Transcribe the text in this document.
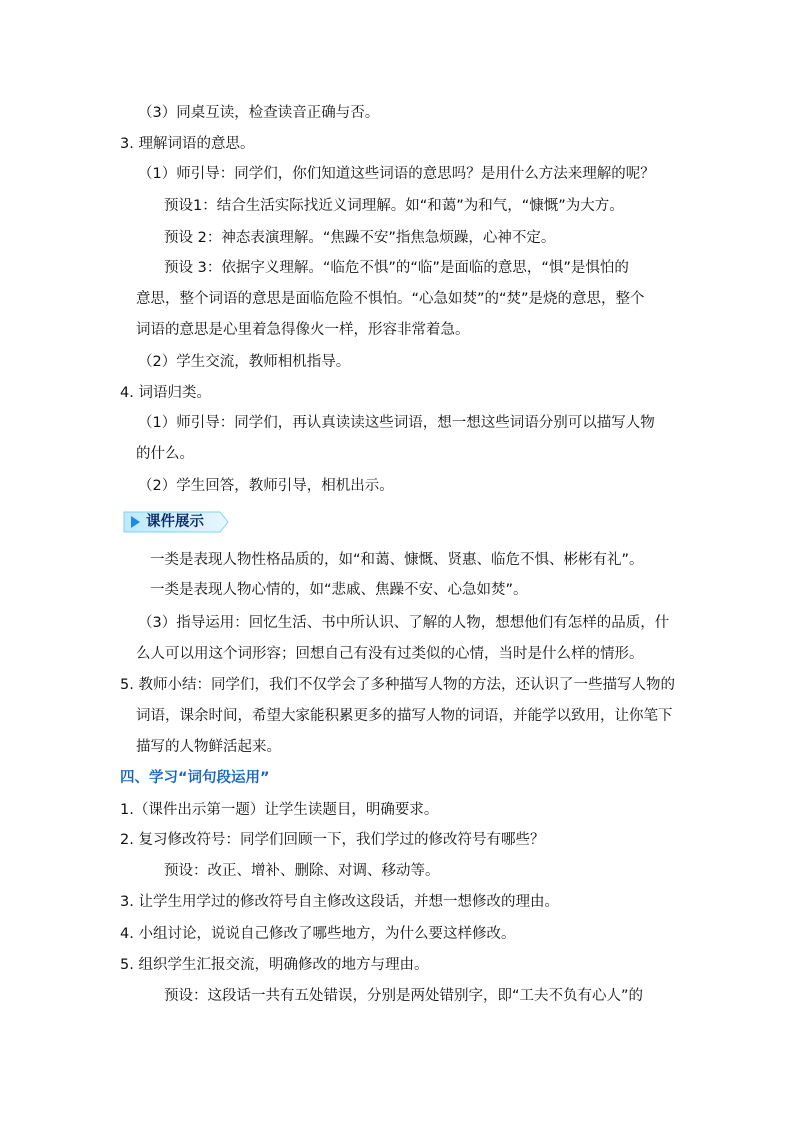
（3）同桌互读，检查读音正确与否。
3. 理解词语的意思。
（1）师引导：同学们，你们知道这些词语的意思吗？是用什么方法来理解的呢？
预设1：结合生活实际找近义词理解。如“和蔼”为和气，“慷慨”为大方。
预设 2：神态表演理解。“焦躁不安”指焦急烦躁，心神不定。
预设 3：依据字义理解。“临危不惧”的“临”是面临的意思，“惧”是惧怕的
意思，整个词语的意思是面临危险不惧怕。“心急如焚”的“焚”是烧的意思，整个
词语的意思是心里着急得像火一样，形容非常着急。
（2）学生交流，教师相机指导。
4. 词语归类。
（1）师引导：同学们，再认真读读这些词语，想一想这些词语分别可以描写人物
的什么。
（2）学生回答，教师引导，相机出示。
课件展示
一类是表现人物性格品质的，如“和蔼、慷慨、贤惠、临危不惧、彬彬有礼”。
一类是表现人物心情的，如“悲戚、焦躁不安、心急如焚”。
（3）指导运用：回忆生活、书中所认识、了解的人物，想想他们有怎样的品质，什
么人可以用这个词形容；回想自己有没有过类似的心情，当时是什么样的情形。
5. 教师小结：同学们，我们不仅学会了多种描写人物的方法，还认识了一些描写人物的
词语，课余时间，希望大家能积累更多的描写人物的词语，并能学以致用，让你笔下
描写的人物鲜活起来。
四、学习“词句段运用”
1.（课件出示第一题）让学生读题目，明确要求。
2. 复习修改符号：同学们回顾一下，我们学过的修改符号有哪些？
预设：改正、增补、删除、对调、移动等。
3. 让学生用学过的修改符号自主修改这段话，并想一想修改的理由。
4. 小组讨论，说说自己修改了哪些地方，为什么要这样修改。
5. 组织学生汇报交流，明确修改的地方与理由。
预设：这段话一共有五处错误，分别是两处错别字，即“工夫不负有心人”的
